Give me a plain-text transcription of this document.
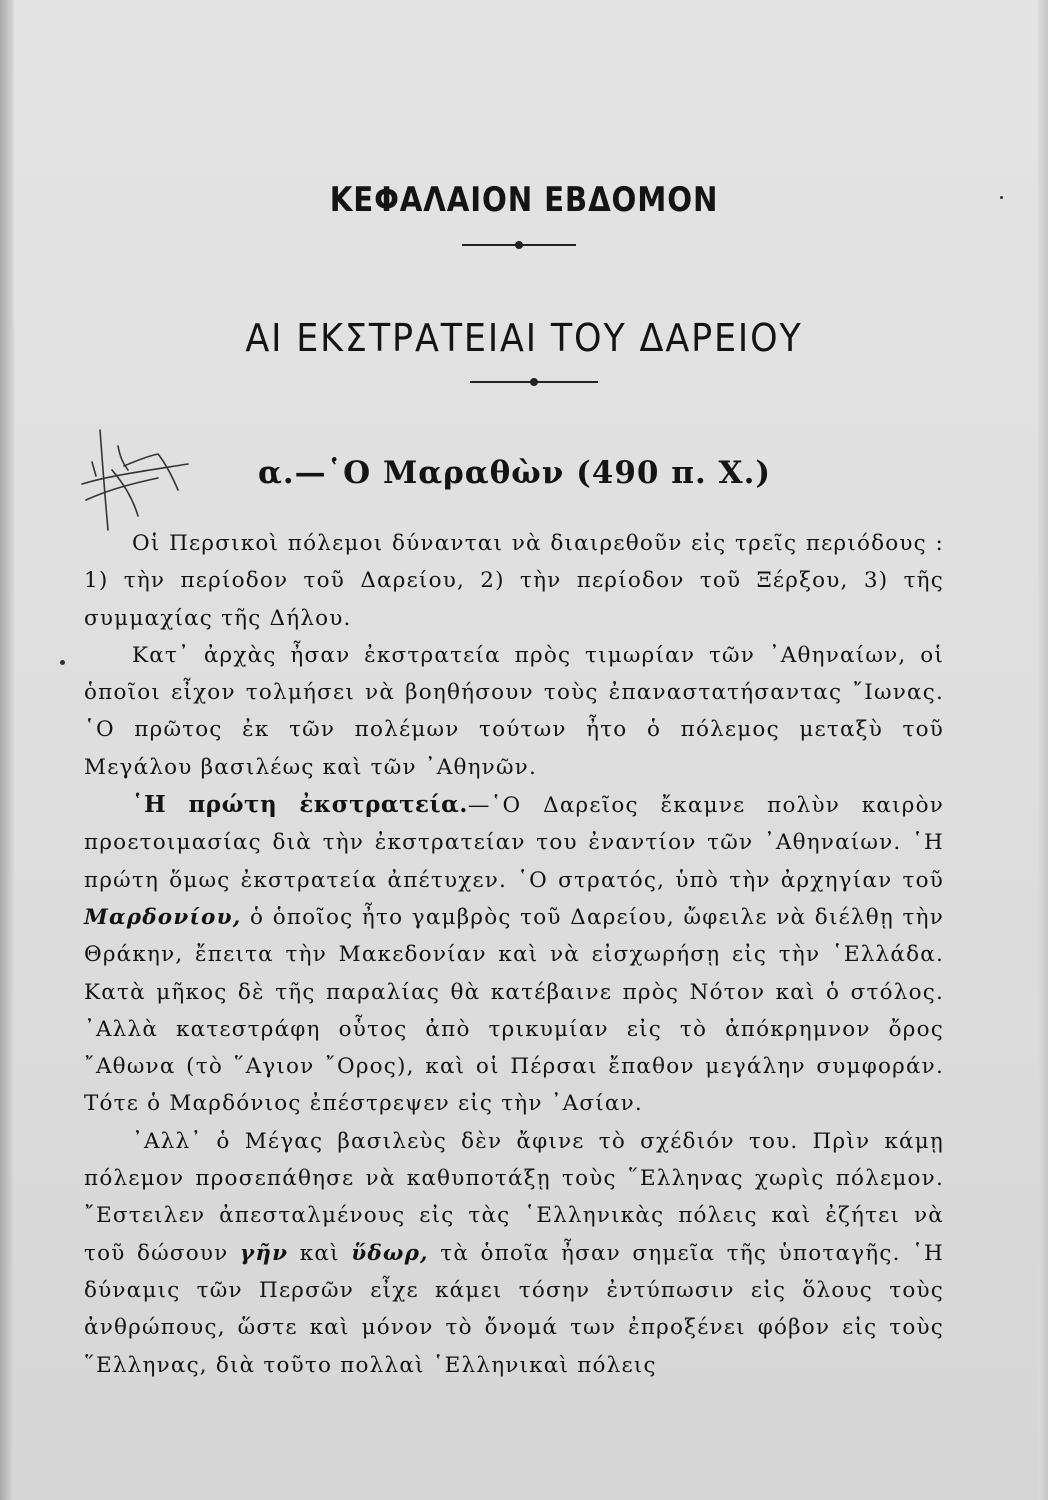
ΚΕΦΑΛΑΙΟΝ ΕΒΔΟΜΟΝ
ΑΙ ΕΚΣΤΡΑΤΕΙΑΙ ΤΟΥ ΔΑΡΕΙΟΥ
α.—῾Ο Μαραθὼν (490 π. Χ.)

Οἱ Περσικοὶ πόλεμοι δύνανται νὰ διαιρεθοῦν εἰς τρεῖς περιόδους : 1) τὴν περίοδον τοῦ Δαρείου, 2) τὴν περίοδον τοῦ Ξέρξου, 3) τῆς συμμαχίας τῆς Δήλου.

Κατ᾿ ἀρχὰς ἦσαν ἐκστρατεία πρὸς τιμωρίαν τῶν ᾿Αθηναίων, οἱ ὁποῖοι εἶχον τολμήσει νὰ βοηθήσουν τοὺς ἐπαναστατήσαντας ῎Ιωνας. ῾Ο πρῶτος ἐκ τῶν πολέμων τούτων ἦτο ὁ πόλεμος μεταξὺ τοῦ Μεγάλου βασιλέως καὶ τῶν ᾿Αθηνῶν.

῾Η πρώτη ἐκστρατεία.—῾Ο Δαρεῖος ἔκαμνε πολὺν καιρὸν προετοιμασίας διὰ τὴν ἐκστρατείαν του ἐναντίον τῶν ᾿Αθηναίων. ῾Η πρώτη ὅμως ἐκστρατεία ἀπέτυχεν. ῾Ο στρατός, ὑπὸ τὴν ἀρχηγίαν τοῦ Μαρδονίου, ὁ ὁποῖος ἦτο γαμβρὸς τοῦ Δαρείου, ὤφειλε νὰ διέλθῃ τὴν Θράκην, ἔπειτα τὴν Μακεδονίαν καὶ νὰ εἰσχωρήσῃ εἰς τὴν ῾Ελλάδα. Κατὰ μῆκος δὲ τῆς παραλίας θὰ κατέβαινε πρὸς Νότον καὶ ὁ στόλος. ᾿Αλλὰ κατεστράφη οὗτος ἀπὸ τρικυμίαν εἰς τὸ ἀπόκρημνον ὄρος ῎Αθωνα (τὸ ῞Αγιον ῎Ορος), καὶ οἱ Πέρσαι ἔπαθον μεγάλην συμφοράν. Τότε ὁ Μαρδόνιος ἐπέστρεψεν εἰς τὴν ᾿Ασίαν.

᾿Αλλ᾿ ὁ Μέγας βασιλεὺς δὲν ἄφινε τὸ σχέδιόν του. Πρὶν κάμῃ πόλεμον προσεπάθησε νὰ καθυποτάξῃ τοὺς ῞Ελληνας χωρὶς πόλεμον. ῎Εστειλεν ἀπεσταλμένους εἰς τὰς ῾Ελληνικὰς πόλεις καὶ ἐζήτει νὰ τοῦ δώσουν γῆν καὶ ὕδωρ, τὰ ὁποῖα ἦσαν σημεῖα τῆς ὑποταγῆς. ῾Η δύναμις τῶν Περσῶν εἶχε κάμει τόσην ἐντύπωσιν εἰς ὅλους τοὺς ἀνθρώπους, ὥστε καὶ μόνον τὸ ὄνομά των ἐπροξένει φόβον εἰς τοὺς ῞Ελληνας, διὰ τοῦτο πολλαὶ ῾Ελληνικαὶ πόλεις
